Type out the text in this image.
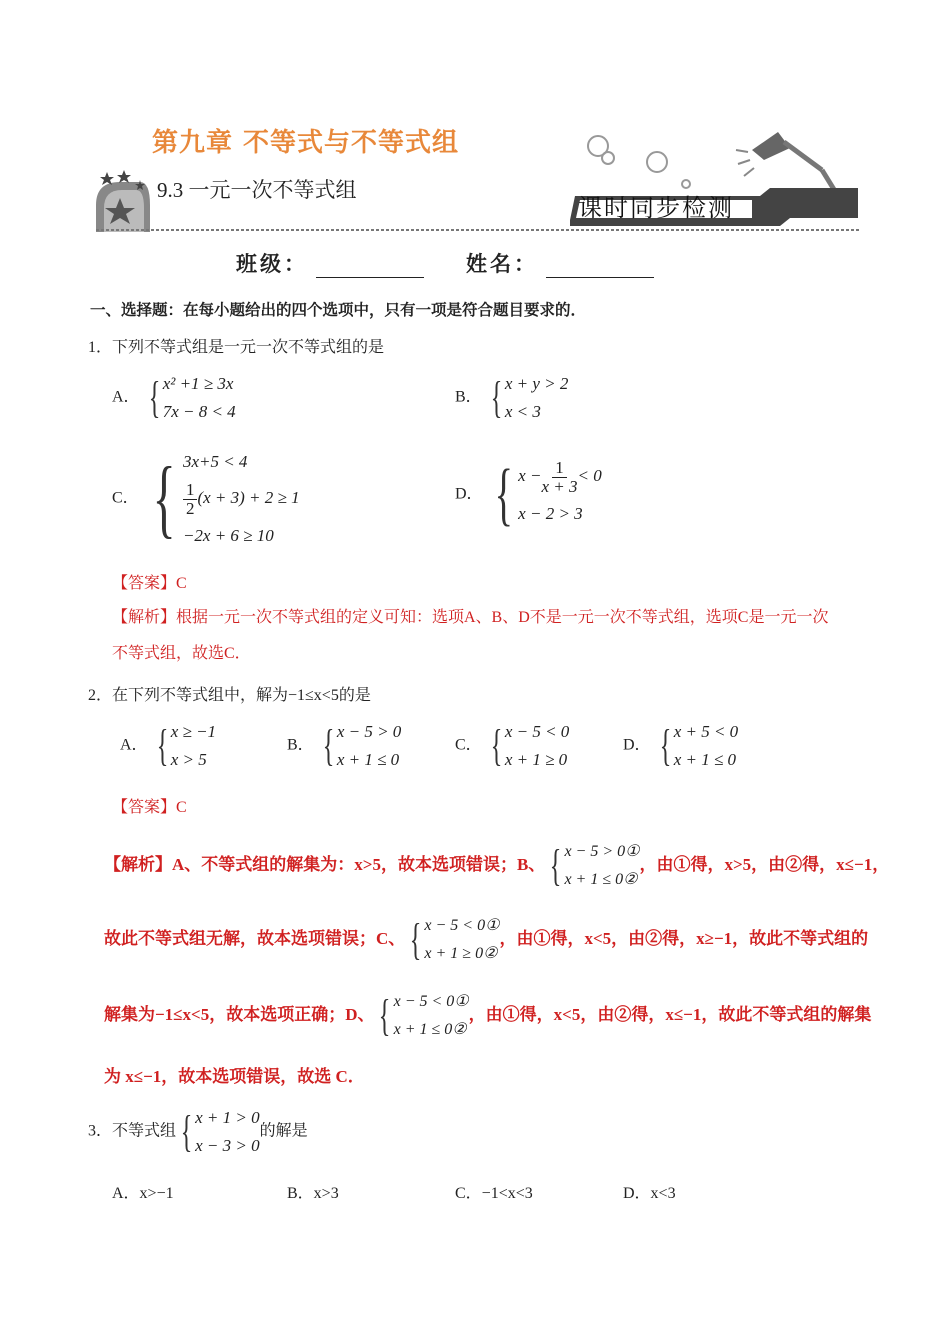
第九章 不等式与不等式组
9.3 一元一次不等式组
课时同步检测
班级：	姓名：
一、选择题：在每小题给出的四个选项中，只有一项是符合题目要求的．
1．下列不等式组是一元一次不等式组的是
A． { x² +1 ≥ 3x
7x − 8 < 4
B． { x + y > 2
x < 3
C． { 3x+5 < 4
$\frac{1}{2} (x + 3) + 2 \ge 1$
−2x + 6 ≥ 10
D． { $x - \frac{1}{x + 3} < 0$
x − 2 > 3
【答案】C
【解析】根据一元一次不等式组的定义可知：选项A、B、D不是一元一次不等式组，选项C是一元一次
不等式组，故选C．
2．在下列不等式组中，解为−1≤x<5的是
A． { x ≥ −1
x > 5
B． { x − 5 > 0
x + 1 ≤ 0
C． { x − 5 < 0
x + 1 ≥ 0
D． { x + 5 < 0
x + 1 ≤ 0
【答案】C
【解析】A、不等式组的解集为：x>5，故本选项错误；B、 { x − 5 > 0①
x + 1 ≤ 0②
，由①得，x>5，由②得，x≤−1，
故此不等式组无解，故本选项错误；C、 { x − 5 < 0①
x + 1 ≥ 0②
，由①得，x<5，由②得，x≥−1，故此不等式组的
解集为−1≤x<5，故本选项正确；D、 { x − 5 < 0①
x + 1 ≤ 0②
，由①得，x<5，由②得，x≤−1，故此不等式组的解集
为 x≤−1，故本选项错误，故选 C．
3．不等式组 { x + 1 > 0
x − 3 > 0
的解是
A．x>−1	B．x>3	C．−1<x<3	D．x<3
